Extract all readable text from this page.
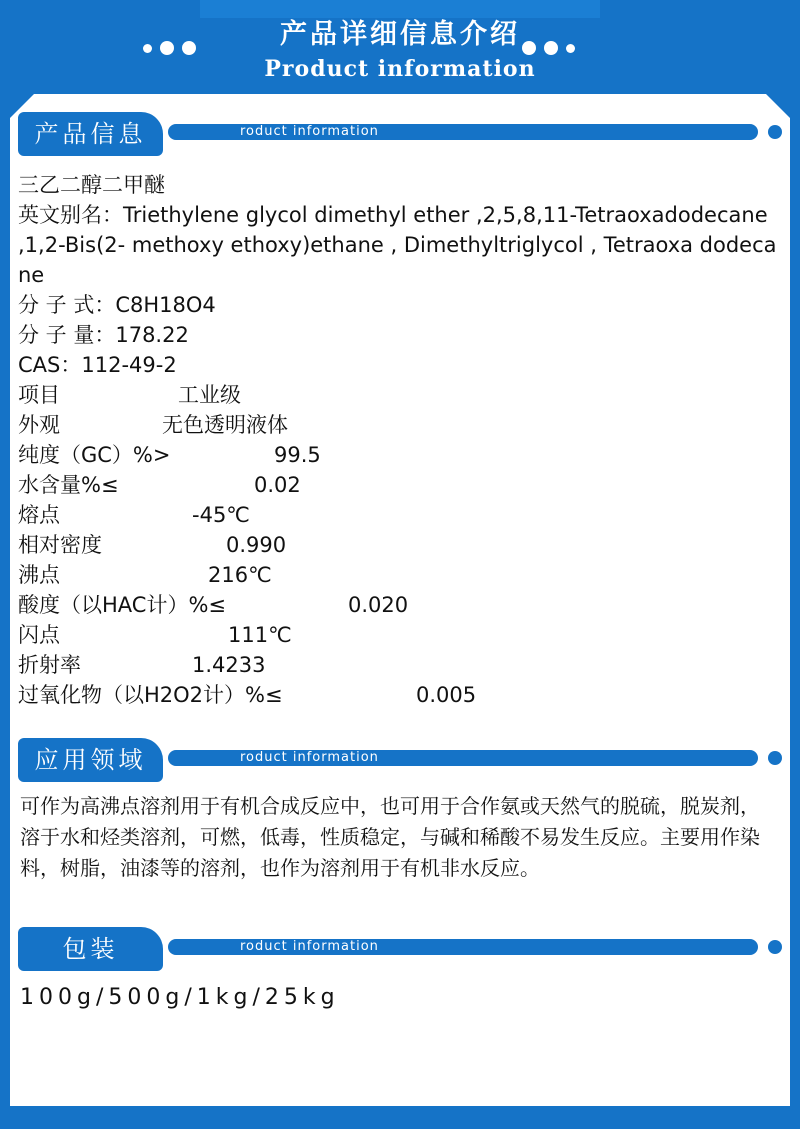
产品详细信息介绍
Product information
产品信息	roduct information
三乙二醇二甲醚
英文别名：Triethylene glycol dimethyl ether ,2,5,8,11-Tetraoxadodecane ,1,2-Bis(2- methoxy ethoxy)ethane , Dimethyltriglycol , Tetraoxa dodecane
分 子 式：C8H18O4
分 子 量：178.22
CAS：112-49-2
项目	工业级
外观	无色透明液体
纯度（GC）%>	99.5
水含量%≤	0.02
熔点	-45℃
相对密度	0.990
沸点	216℃
酸度（以HAC计）%≤	0.020
闪点	111℃
折射率	1.4233
过氧化物（以H2O2计）%≤	0.005
应用领域	roduct information
可作为高沸点溶剂用于有机合成反应中，也可用于合作氨或天然气的脱硫，脱炭剂，溶于水和烃类溶剂，可燃，低毒，性质稳定，与碱和稀酸不易发生反应。主要用作染料，树脂，油漆等的溶剂，也作为溶剂用于有机非水反应。
包装	roduct information
100g/500g/1kg/25kg
